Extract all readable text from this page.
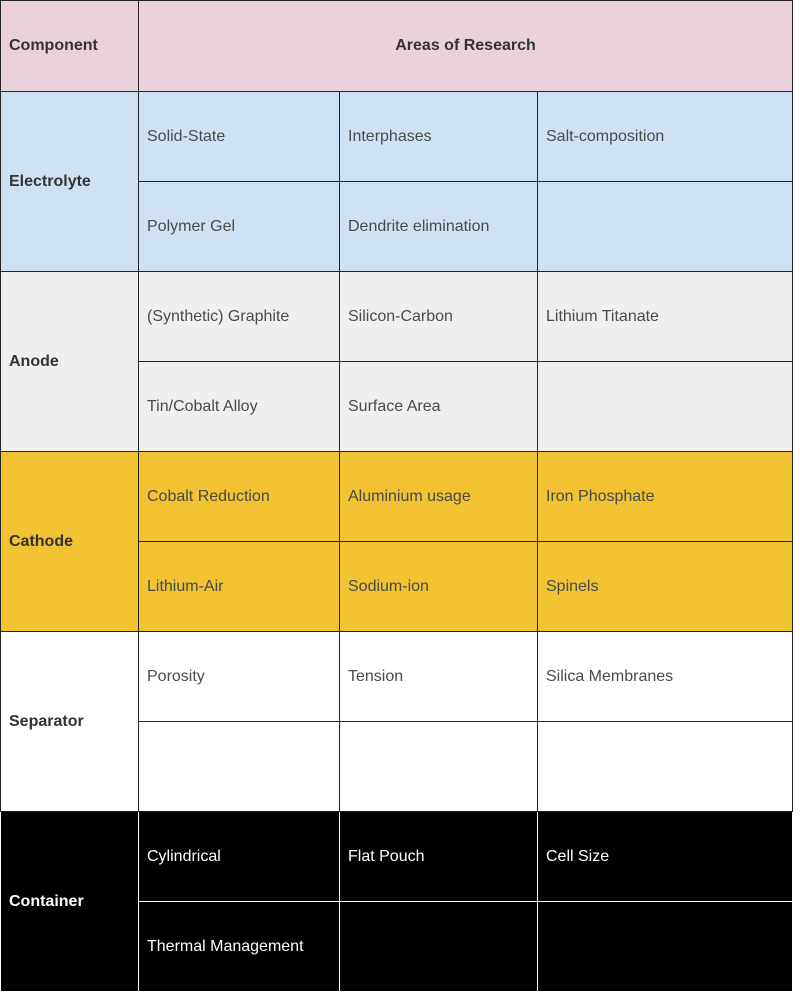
Component	Areas of Research		
Electrolyte	Solid-State	Interphases	Salt-composition
	Polymer Gel	Dendrite elimination	
Anode	(Synthetic) Graphite	Silicon-Carbon	Lithium Titanate
	Tin/Cobalt Alloy	Surface Area	
Cathode	Cobalt Reduction	Aluminium usage	Iron Phosphate
	Lithium-Air	Sodium-ion	Spinels
Separator	Porosity	Tension	Silica Membranes

Container	Cylindrical	Flat Pouch	Cell Size
	Thermal Management		
